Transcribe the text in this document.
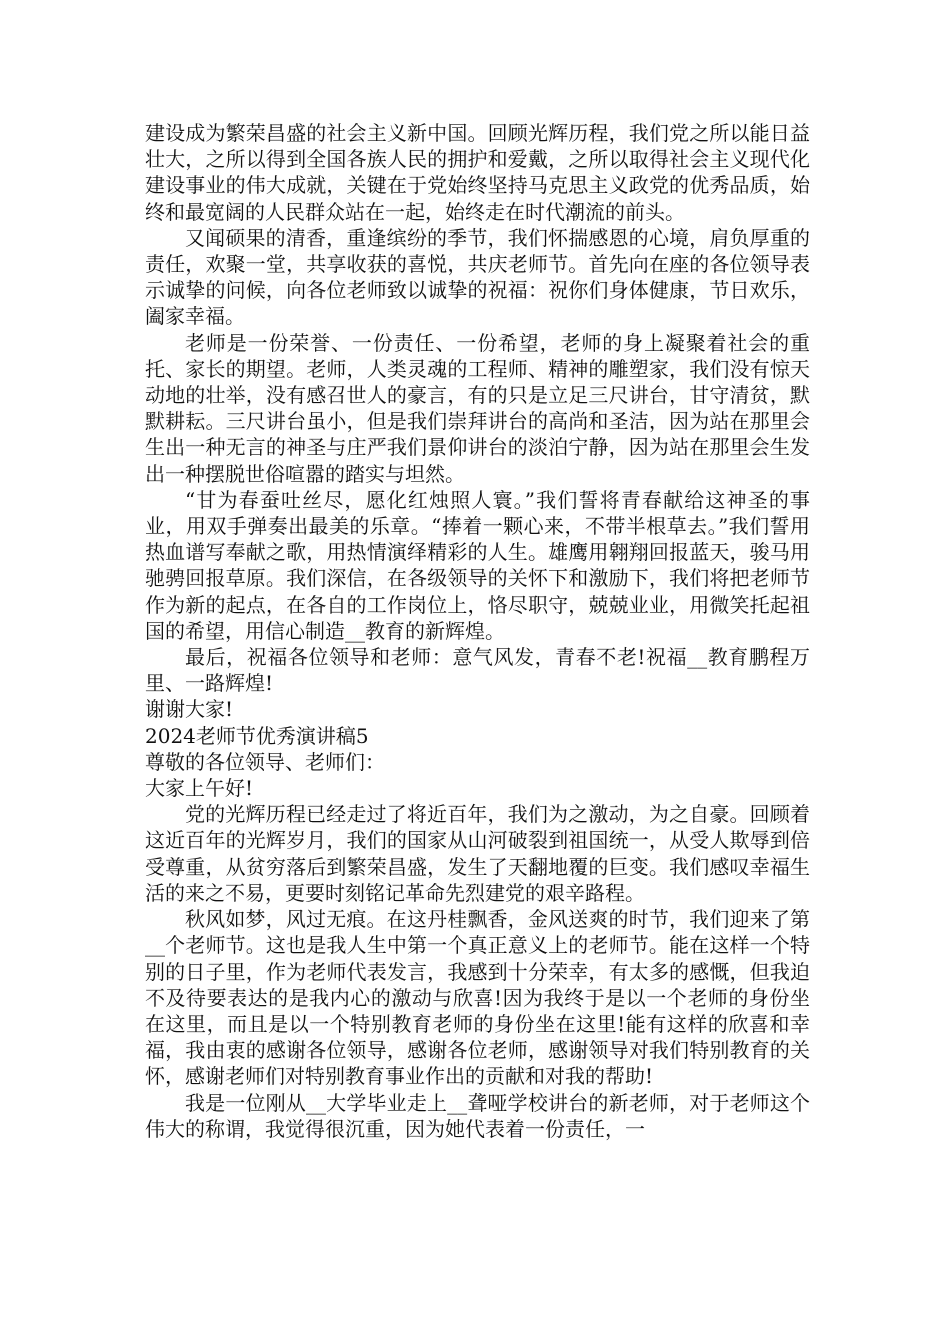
建设成为繁荣昌盛的社会主义新中国。回顾光辉历程，我们党之所以能日益壮大，之所以得到全国各族人民的拥护和爱戴，之所以取得社会主义现代化建设事业的伟大成就，关键在于党始终坚持马克思主义政党的优秀品质，始终和最宽阔的人民群众站在一起，始终走在时代潮流的前头。

又闻硕果的清香，重逢缤纷的季节，我们怀揣感恩的心境，肩负厚重的责任，欢聚一堂，共享收获的喜悦，共庆老师节。首先向在座的各位领导表示诚挚的问候，向各位老师致以诚挚的祝福：祝你们身体健康，节日欢乐，阖家幸福。

老师是一份荣誉、一份责任、一份希望，老师的身上凝聚着社会的重托、家长的期望。老师，人类灵魂的工程师、精神的雕塑家，我们没有惊天动地的壮举，没有感召世人的豪言，有的只是立足三尺讲台，甘守清贫，默默耕耘。三尺讲台虽小，但是我们崇拜讲台的高尚和圣洁，因为站在那里会生出一种无言的神圣与庄严我们景仰讲台的淡泊宁静，因为站在那里会生发出一种摆脱世俗喧嚣的踏实与坦然。

“甘为春蚕吐丝尽，愿化红烛照人寰。”我们誓将青春献给这神圣的事业，用双手弹奏出最美的乐章。“捧着一颗心来，不带半根草去。”我们誓用热血谱写奉献之歌，用热情演绎精彩的人生。雄鹰用翱翔回报蓝天，骏马用驰骋回报草原。我们深信，在各级领导的关怀下和激励下，我们将把老师节作为新的起点，在各自的工作岗位上，恪尽职守，兢兢业业，用微笑托起祖国的希望，用信心制造__教育的新辉煌。

最后，祝福各位领导和老师：意气风发，青春不老!祝福__教育鹏程万里、一路辉煌!

谢谢大家!

2024老师节优秀演讲稿5

尊敬的各位领导、老师们：

大家上午好!

党的光辉历程已经走过了将近百年，我们为之激动，为之自豪。回顾着这近百年的光辉岁月，我们的国家从山河破裂到祖国统一，从受人欺辱到倍受尊重，从贫穷落后到繁荣昌盛，发生了天翻地覆的巨变。我们感叹幸福生活的来之不易，更要时刻铭记革命先烈建党的艰辛路程。

秋风如梦，风过无痕。在这丹桂飘香，金风送爽的时节，我们迎来了第__个老师节。这也是我人生中第一个真正意义上的老师节。能在这样一个特别的日子里，作为老师代表发言，我感到十分荣幸，有太多的感慨，但我迫不及待要表达的是我内心的激动与欣喜!因为我终于是以一个老师的身份坐在这里，而且是以一个特别教育老师的身份坐在这里!能有这样的欣喜和幸福，我由衷的感谢各位领导，感谢各位老师，感谢领导对我们特别教育的关怀，感谢老师们对特别教育事业作出的贡献和对我的帮助!

我是一位刚从__大学毕业走上__聋哑学校讲台的新老师，对于老师这个伟大的称谓，我觉得很沉重，因为她代表着一份责任，一
